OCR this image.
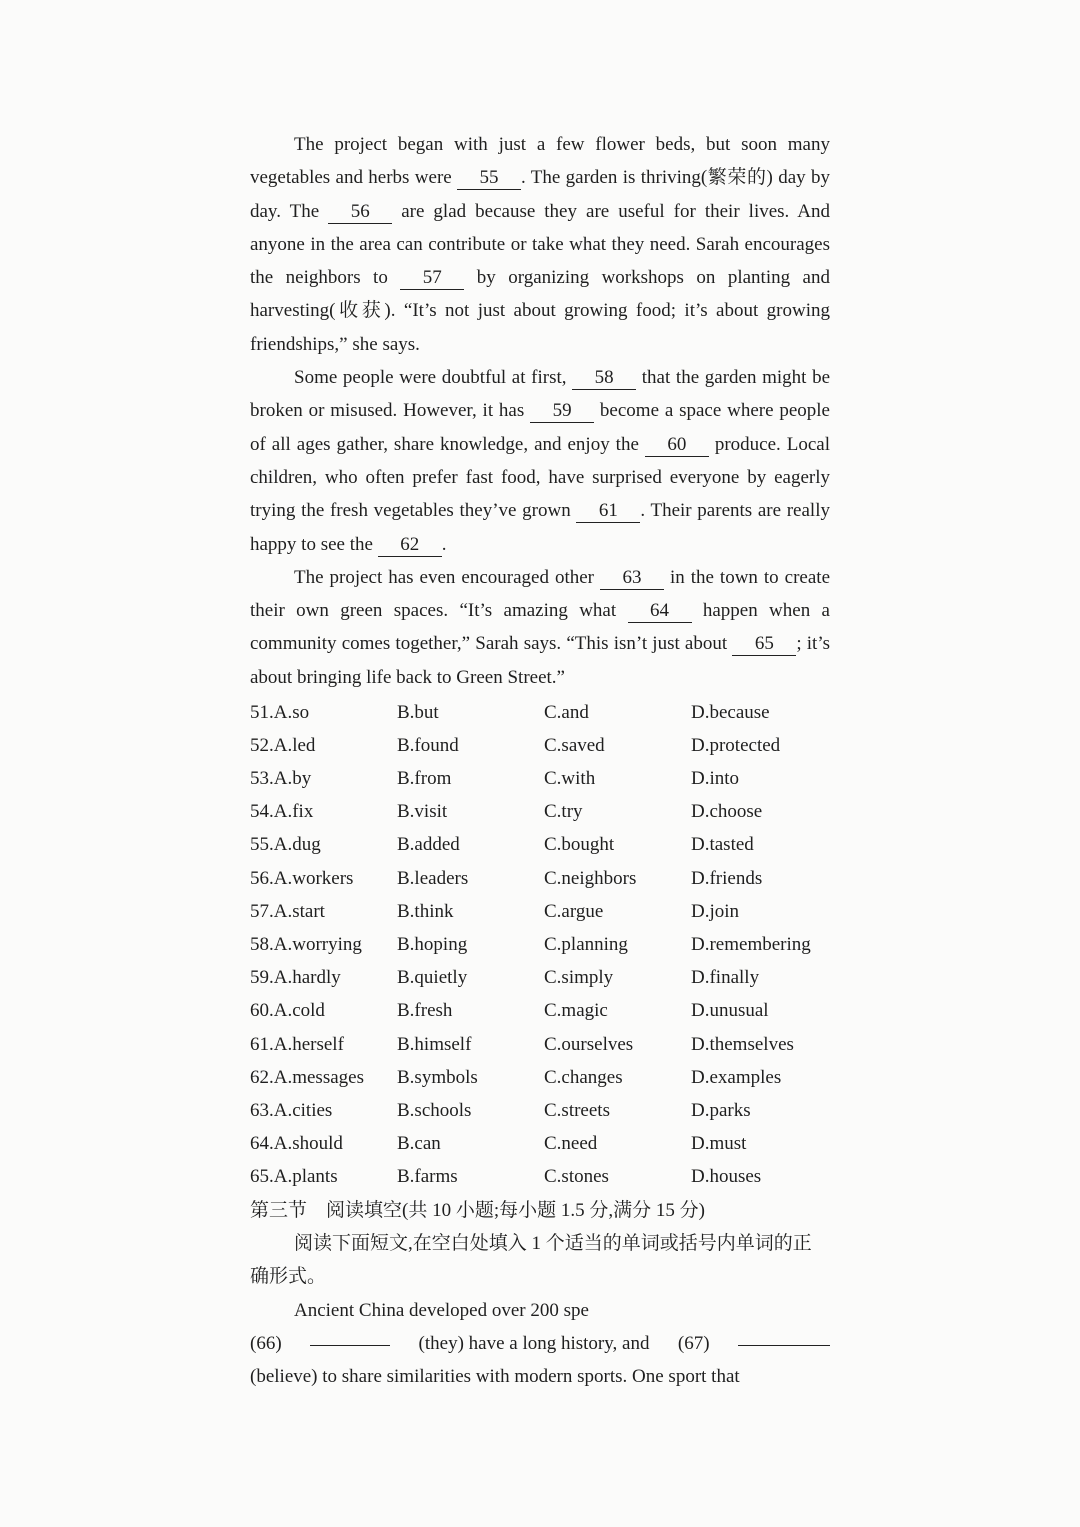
The project began with just a few flower beds, but soon many vegetables and herbs were 55 . The garden is thriving(繁荣的) day by day. The 56 are glad because they are useful for their lives. And anyone in the area can contribute or take what they need. Sarah encourages the neighbors to 57 by organizing workshops on planting and harvesting(收获). “It’s not just about growing food; it’s about growing friendships,” she says.

Some people were doubtful at first, 58 that the garden might be broken or misused. However, it has 59 become a space where people of all ages gather, share knowledge, and enjoy the 60 produce. Local children, who often prefer fast food, have surprised everyone by eagerly trying the fresh vegetables they’ve grown 61 . Their parents are really happy to see the 62 .

The project has even encouraged other 63 in the town to create their own green spaces. “It’s amazing what 64 happen when a community comes together,” Sarah says. “This isn’t just about 65 ; it’s about bringing life back to Green Street.”

51.A.so	B.but	C.and	D.because
52.A.led	B.found	C.saved	D.protected
53.A.by	B.from	C.with	D.into
54.A.fix	B.visit	C.try	D.choose
55.A.dug	B.added	C.bought	D.tasted
56.A.workers	B.leaders	C.neighbors	D.friends
57.A.start	B.think	C.argue	D.join
58.A.worrying	B.hoping	C.planning	D.remembering
59.A.hardly	B.quietly	C.simply	D.finally
60.A.cold	B.fresh	C.magic	D.unusual
61.A.herself	B.himself	C.ourselves	D.themselves
62.A.messages	B.symbols	C.changes	D.examples
63.A.cities	B.schools	C.streets	D.parks
64.A.should	B.can	C.need	D.must
65.A.plants	B.farms	C.stones	D.houses

第三节　阅读填空(共 10 小题;每小题 1.5 分,满分 15 分)

阅读下面短文,在空白处填入 1 个适当的单词或括号内单词的正确形式。

Ancient China developed over 200 spe

(66)	(they) have a long history, and (67)

(believe) to share similarities with modern sports. One sport that
